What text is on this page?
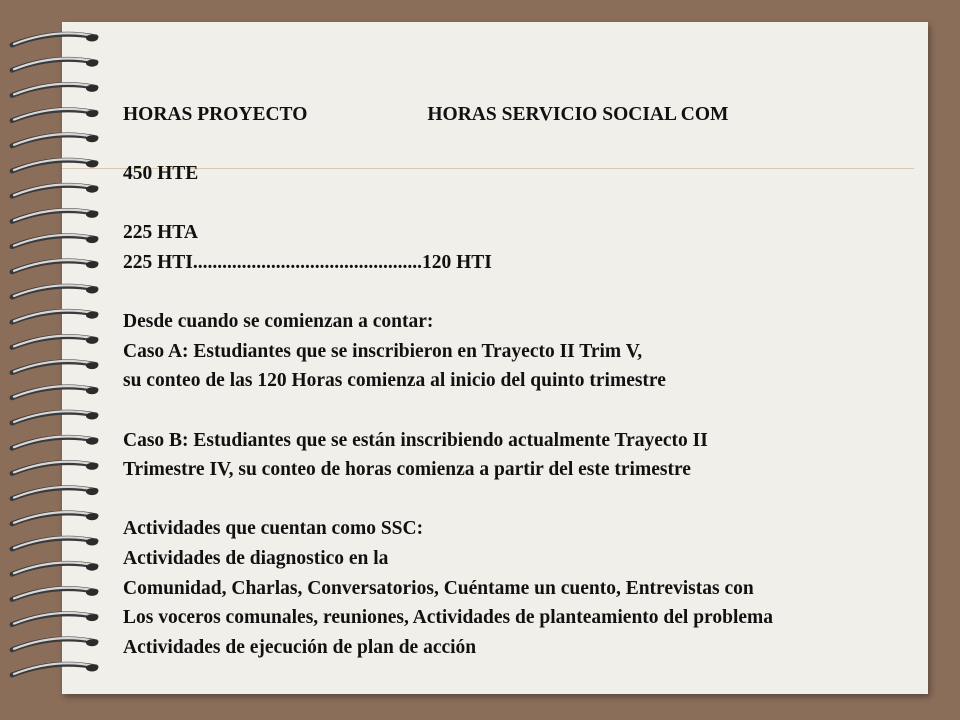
HORAS PROYECTO	HORAS SERVICIO SOCIAL COM
450 HTE
225 HTA
225 HTI...............................................120 HTI
Desde cuando se comienzan a contar:
Caso A: Estudiantes que se inscribieron en Trayecto II Trim V,
su conteo de las 120 Horas comienza al inicio del quinto trimestre
Caso B: Estudiantes que se están inscribiendo actualmente Trayecto II
Trimestre IV, su conteo de horas comienza a partir del este trimestre
Actividades que cuentan como SSC:
Actividades de diagnostico en la
Comunidad, Charlas, Conversatorios, Cuéntame un cuento, Entrevistas con
Los voceros comunales, reuniones, Actividades de planteamiento del problema
Actividades de ejecución de plan de acción
